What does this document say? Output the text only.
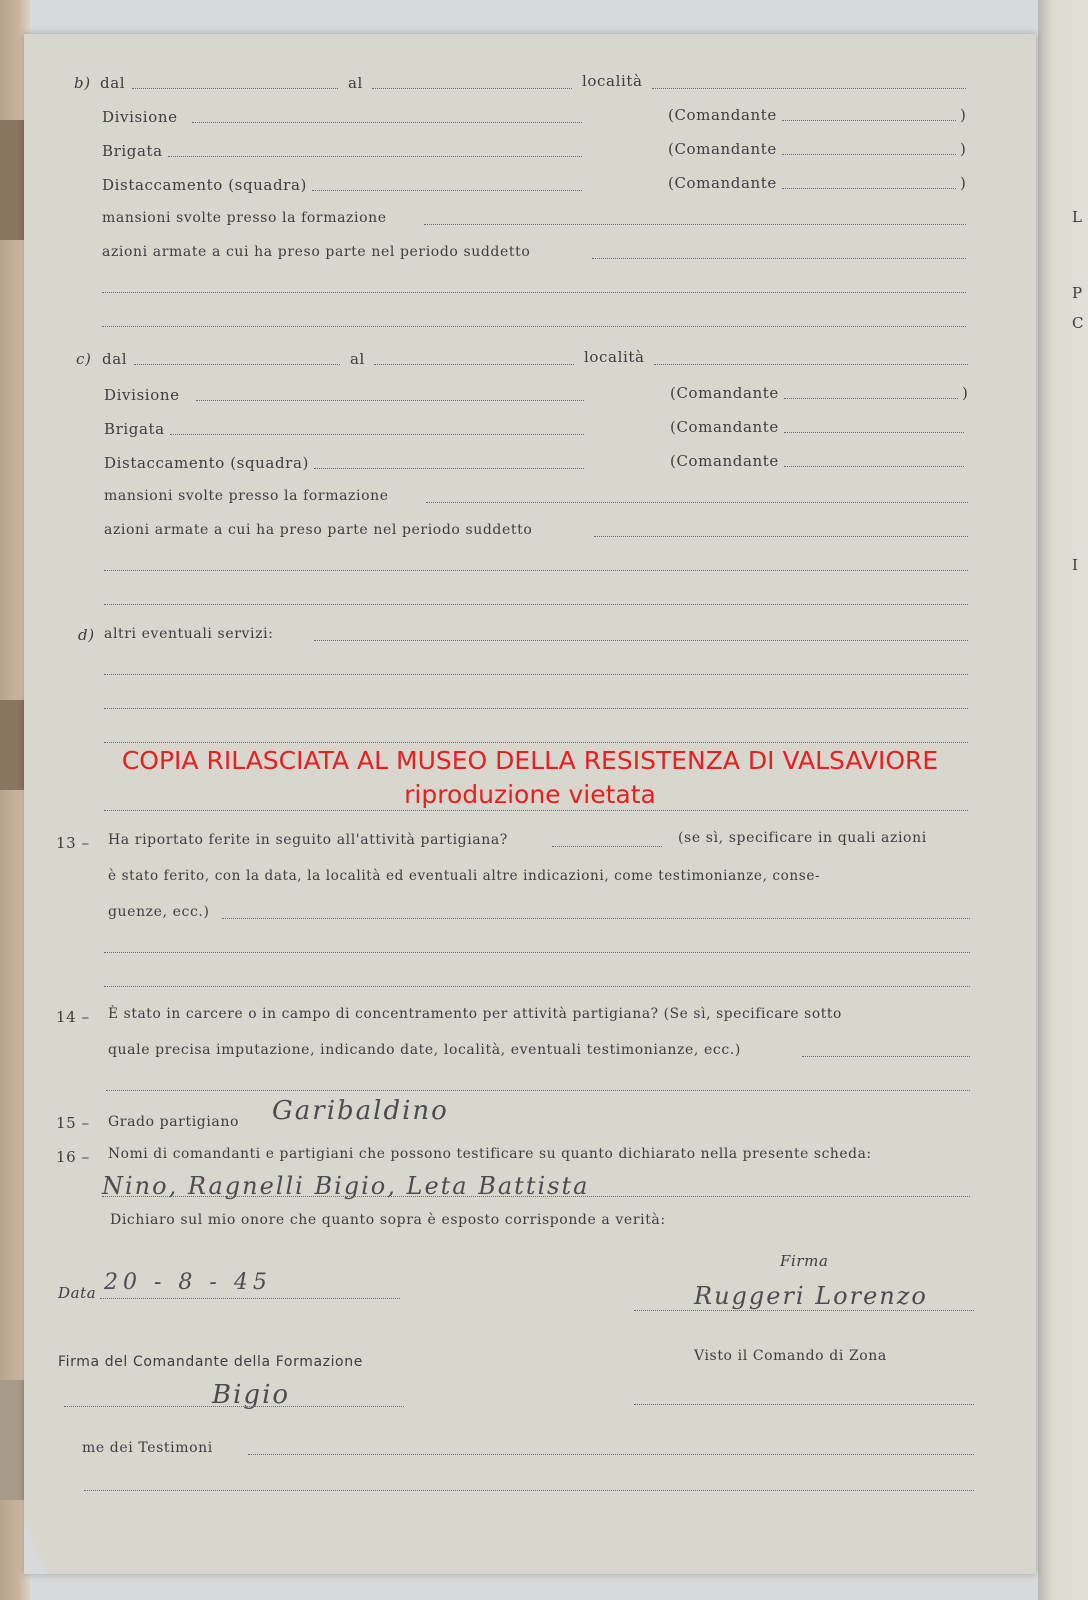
L
P
C
I
b) dal	al	località
Divisione	(Comandante	)
Brigata	(Comandante	)
Distaccamento (squadra)	(Comandante	)
mansioni svolte presso la formazione
azioni armate a cui ha preso parte nel periodo suddetto
c) dal	al	località
Divisione	(Comandante	)
Brigata	(Comandante
Distaccamento (squadra)	(Comandante
mansioni svolte presso la formazione
azioni armate a cui ha preso parte nel periodo suddetto
d) altri eventuali servizi:
COPIA RILASCIATA AL MUSEO DELLA RESISTENZA DI VALSAVIORE
riproduzione vietata
13 – Ha riportato ferite in seguito all'attività partigiana?	(se sì, specificare in quali azioni
è stato ferito, con la data, la località ed eventuali altre indicazioni, come testimonianze, conse-
guenze, ecc.)
14 – È stato in carcere o in campo di concentramento per attività partigiana? (Se sì, specificare sotto
quale precisa imputazione, indicando date, località, eventuali testimonianze, ecc.)
15 – Grado partigiano Garibaldino
16 – Nomi di comandanti e partigiani che possono testificare su quanto dichiarato nella presente scheda:
Nino, Ragnelli Bigio, Leta Battista
Dichiaro sul mio onore che quanto sopra è esposto corrisponde a verità:
Firma
Ruggeri Lorenzo
Data 20 - 8 - 45
Firma del Comandante della Formazione
Bigio
Visto il Comando di Zona
me dei Testimoni
